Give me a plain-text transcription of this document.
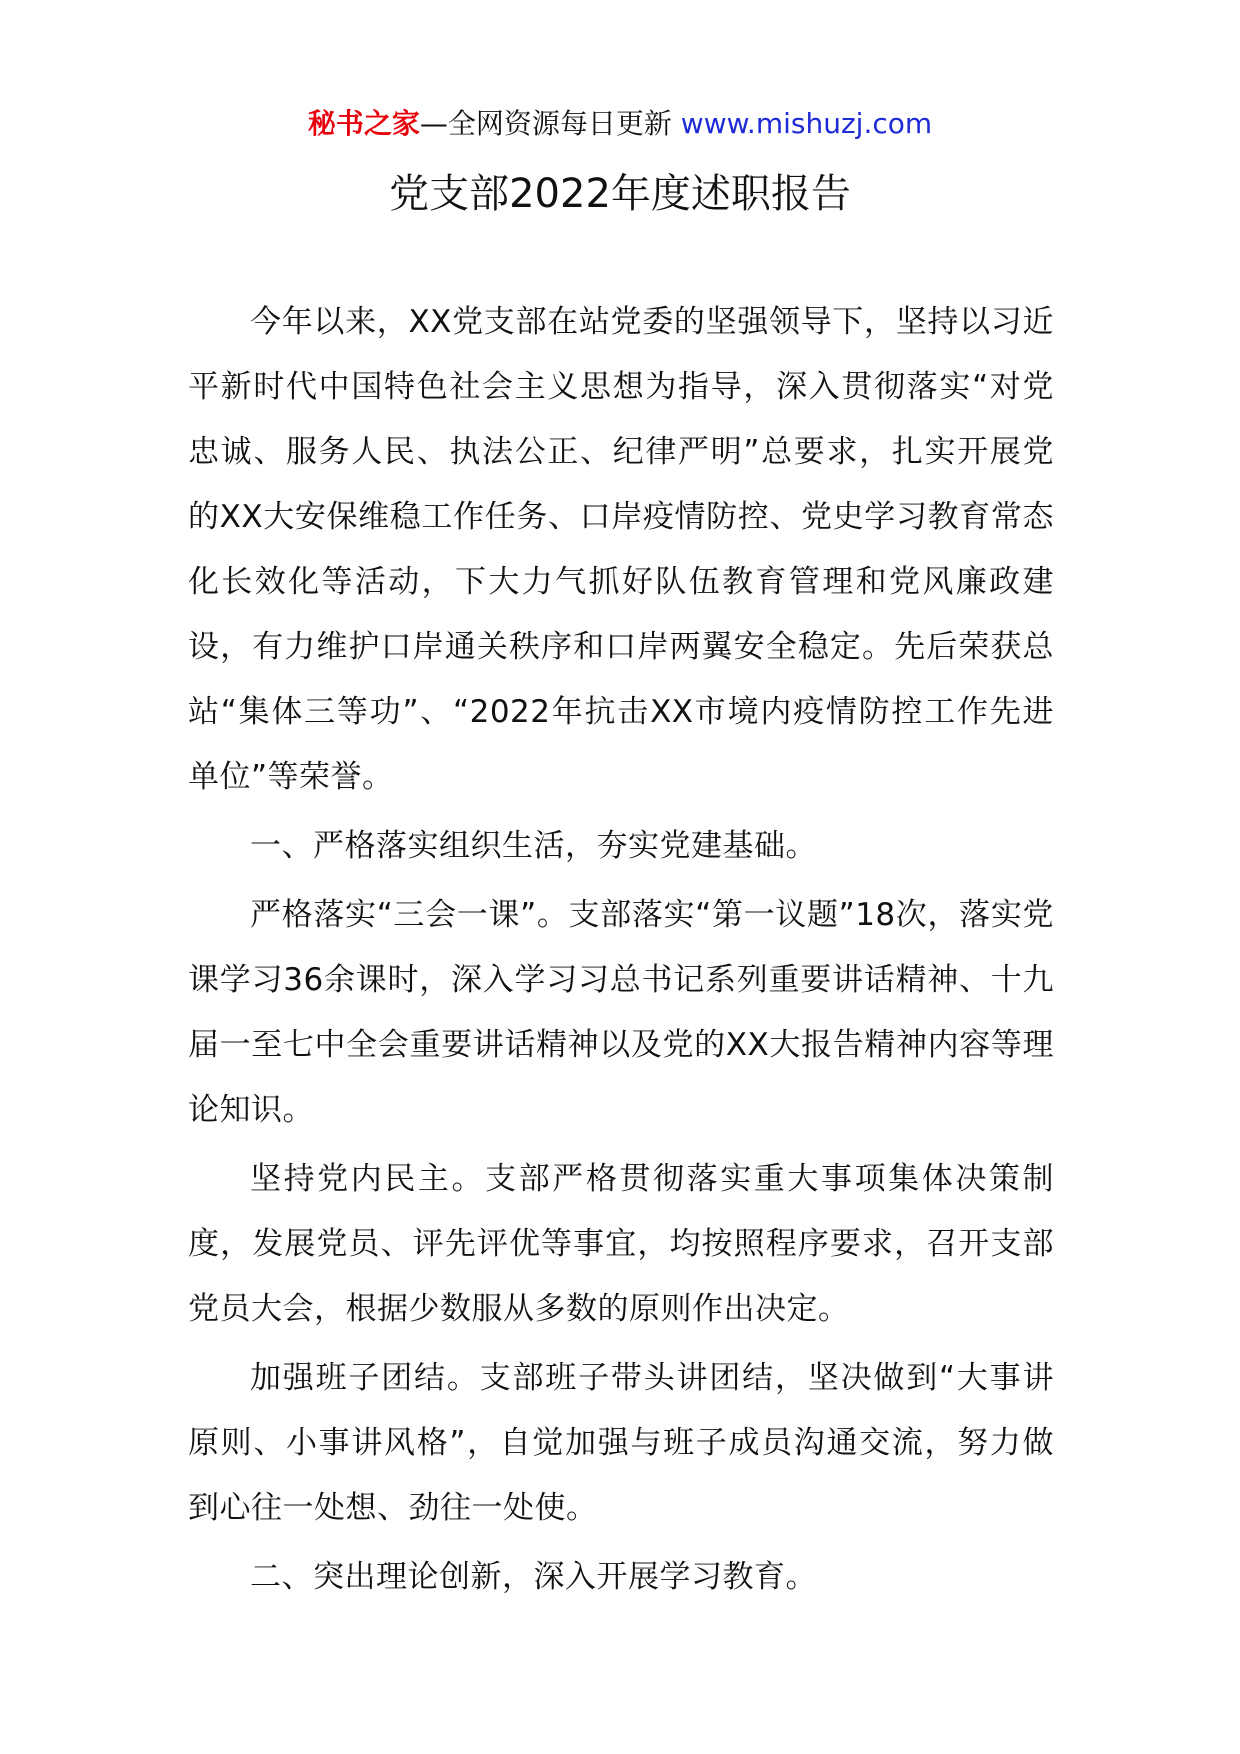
秘书之家—全网资源每日更新 www.mishuzj.com
党支部2022年度述职报告

今年以来，XX党支部在站党委的坚强领导下，坚持以习近平新时代中国特色社会主义思想为指导，深入贯彻落实“对党忠诚、服务人民、执法公正、纪律严明”总要求，扎实开展党的XX大安保维稳工作任务、口岸疫情防控、党史学习教育常态化长效化等活动，下大力气抓好队伍教育管理和党风廉政建设，有力维护口岸通关秩序和口岸两翼安全稳定。先后荣获总站“集体三等功”、“2022年抗击XX市境内疫情防控工作先进单位”等荣誉。

一、严格落实组织生活，夯实党建基础。

严格落实“三会一课”。支部落实“第一议题”18次，落实党课学习36余课时，深入学习习总书记系列重要讲话精神、十九届一至七中全会重要讲话精神以及党的XX大报告精神内容等理论知识。

坚持党内民主。支部严格贯彻落实重大事项集体决策制度，发展党员、评先评优等事宜，均按照程序要求，召开支部党员大会，根据少数服从多数的原则作出决定。

加强班子团结。支部班子带头讲团结，坚决做到“大事讲原则、小事讲风格”，自觉加强与班子成员沟通交流，努力做到心往一处想、劲往一处使。

二、突出理论创新，深入开展学习教育。
